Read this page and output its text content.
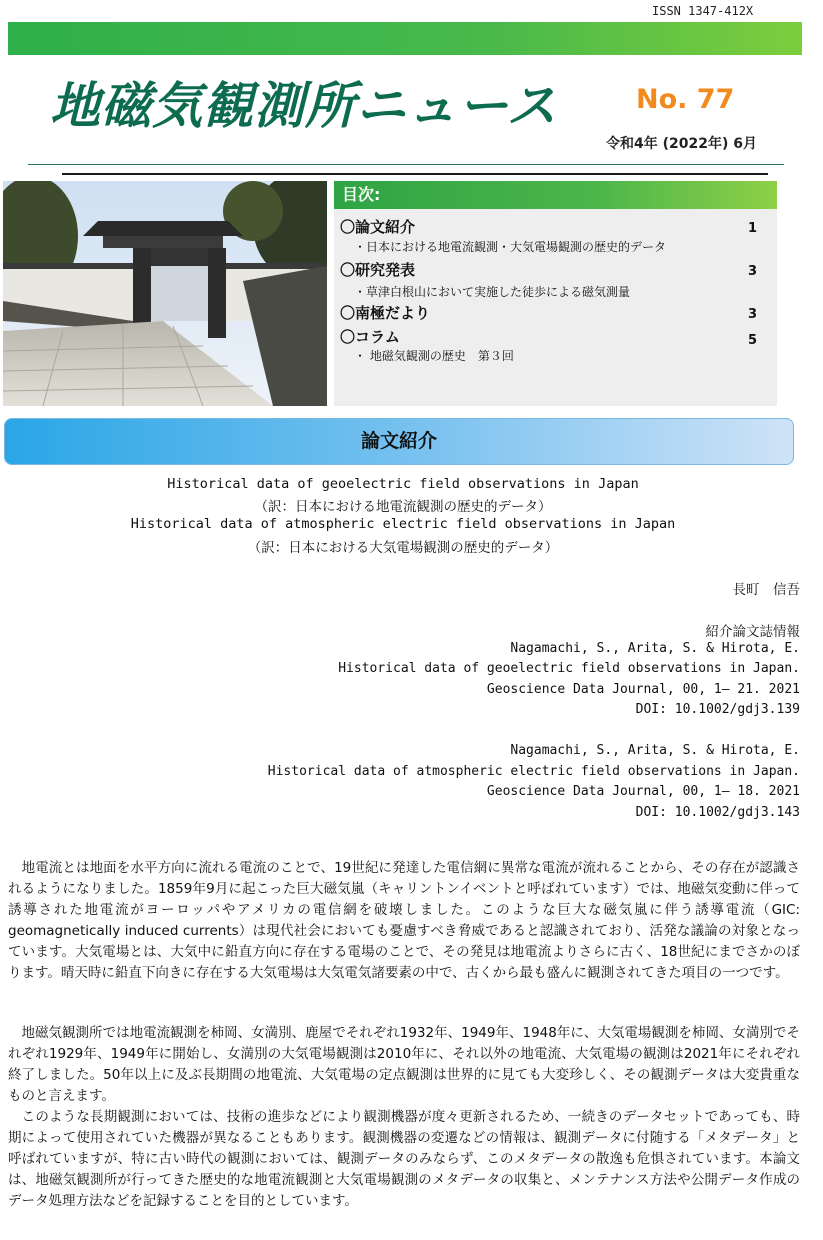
ISSN 1347-412X
地磁気観測所ニュース	No. 77
令和4年 (2022年) 6月
目次:
〇論文紹介	1
・日本における地電流観測・大気電場観測の歴史的データ
〇研究発表	3
・草津白根山において実施した徒歩による磁気測量
〇南極だより	3
〇コラム	5
・ 地磁気観測の歴史　第３回
論文紹介
Historical data of geoelectric field observations in Japan
（訳：日本における地電流観測の歴史的データ）
Historical data of atmospheric electric field observations in Japan
（訳：日本における大気電場観測の歴史的データ）
長町　信吾
紹介論文誌情報
Nagamachi, S., Arita, S. & Hirota, E.
Historical data of geoelectric field observations in Japan.
Geoscience Data Journal, 00, 1– 21. 2021
DOI: 10.1002/gdj3.139
Nagamachi, S., Arita, S. & Hirota, E.
Historical data of atmospheric electric field observations in Japan.
Geoscience Data Journal, 00, 1– 18. 2021
DOI: 10.1002/gdj3.143

　地電流とは地面を水平方向に流れる電流のことで、19世紀に発達した電信網に異常な電流が流れることから、その存在が認識されるようになりました。1859年9月に起こった巨大磁気嵐（キャリントンイベントと呼ばれています）では、地磁気変動に伴って誘導された地電流がヨーロッパやアメリカの電信網を破壊しました。このような巨大な磁気嵐に伴う誘導電流（GIC: geomagnetically induced currents）は現代社会においても憂慮すべき脅威であると認識されており、活発な議論の対象となっています。大気電場とは、大気中に鉛直方向に存在する電場のことで、その発見は地電流よりさらに古く、18世紀にまでさかのぼります。晴天時に鉛直下向きに存在する大気電場は大気電気諸要素の中で、古くから最も盛んに観測されてきた項目の一つです。

　地磁気観測所では地電流観測を柿岡、女満別、鹿屋でそれぞれ1932年、1949年、1948年に、大気電場観測を柿岡、女満別でそれぞれ1929年、1949年に開始し、女満別の大気電場観測は2010年に、それ以外の地電流、大気電場の観測は2021年にそれぞれ終了しました。50年以上に及ぶ長期間の地電流、大気電場の定点観測は世界的に見ても大変珍しく、その観測データは大変貴重なものと言えます。

　このような長期観測においては、技術の進歩などにより観測機器が度々更新されるため、一続きのデータセットであっても、時期によって使用されていた機器が異なることもあります。観測機器の変遷などの情報は、観測データに付随する「メタデータ」と呼ばれていますが、特に古い時代の観測においては、観測データのみならず、このメタデータの散逸も危惧されています。本論文は、地磁気観測所が行ってきた歴史的な地電流観測と大気電場観測のメタデータの収集と、メンテナンス方法や公開データ作成のデータ処理方法などを記録することを目的としています。
